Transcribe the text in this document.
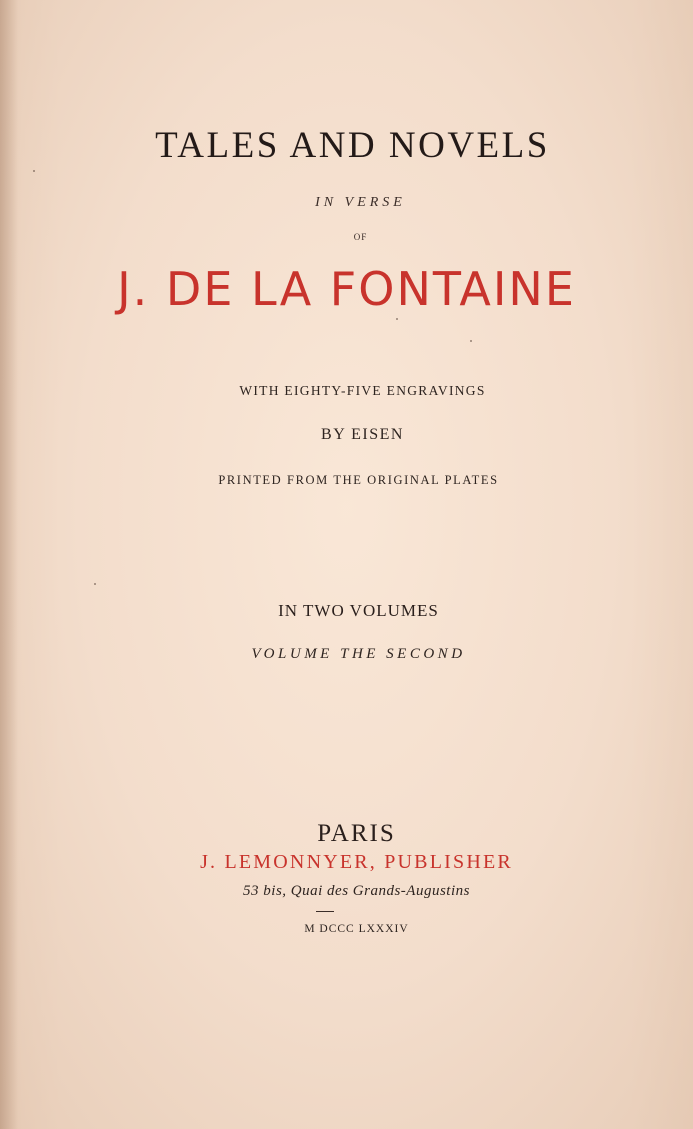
TALES AND NOVELS
IN VERSE
OF
J. DE LA FONTAINE
WITH EIGHTY-FIVE ENGRAVINGS
BY EISEN
PRINTED FROM THE ORIGINAL PLATES
IN TWO VOLUMES
VOLUME THE SECOND
PARIS
J. LEMONNYER, PUBLISHER
53 bis, Quai des Grands-Augustins
M DCCC LXXXIV
